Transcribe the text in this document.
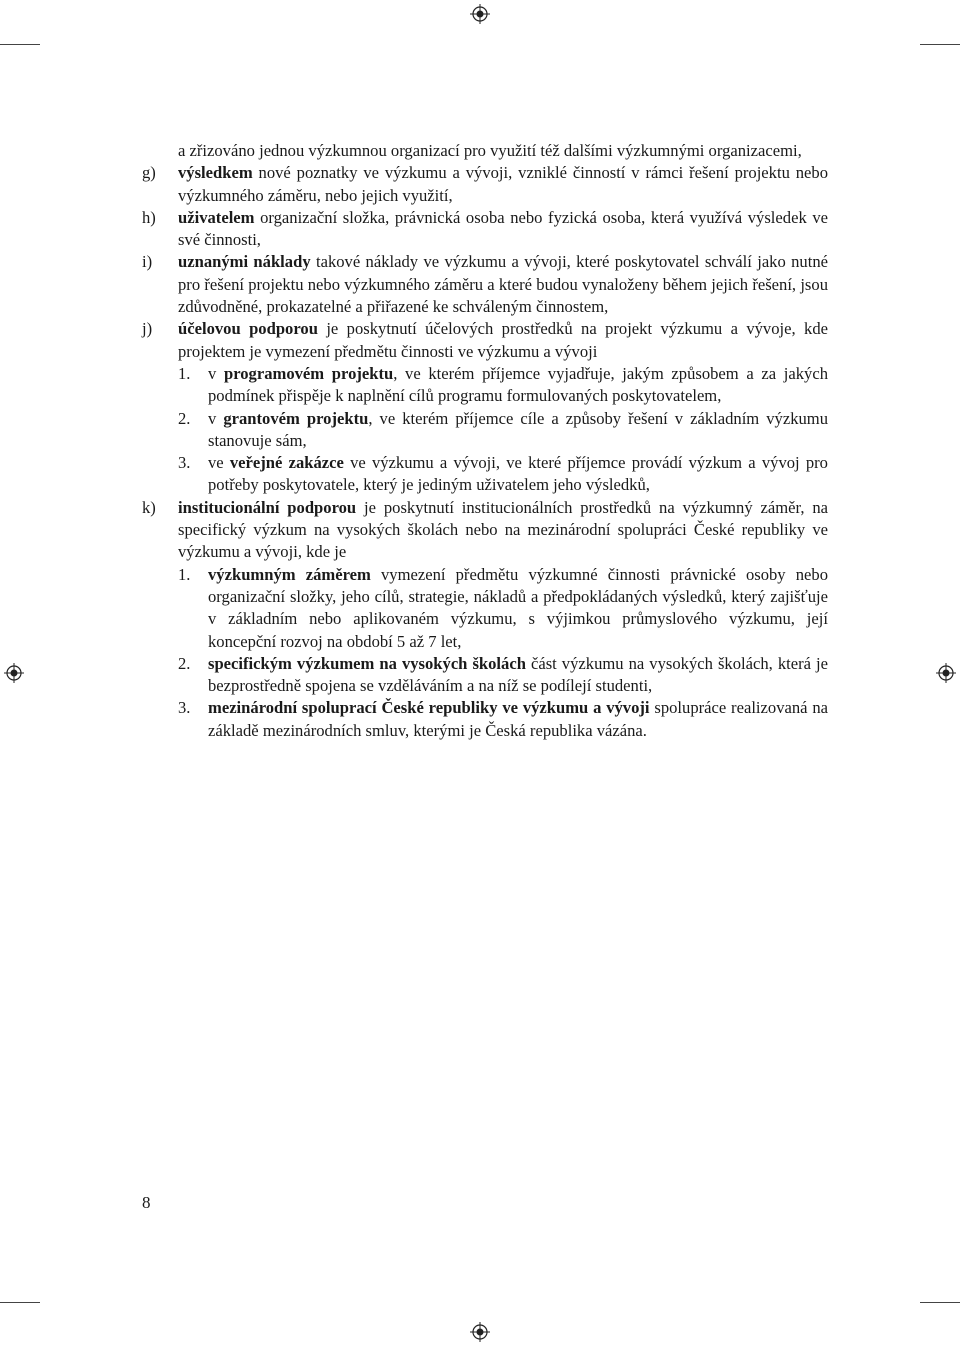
a zřizováno jednou výzkumnou organizací pro využití též dalšími výzkumnými organizacemi,

g) výsledkem nové poznatky ve výzkumu a vývoji, vzniklé činností v rámci řešení projektu nebo výzkumného záměru, nebo jejich využití,

h) uživatelem organizační složka, právnická osoba nebo fyzická osoba, která využívá výsledek ve své činnosti,

i) uznanými náklady takové náklady ve výzkumu a vývoji, které poskytovatel schválí jako nutné pro řešení projektu nebo výzkumného záměru a které budou vynaloženy během jejich řešení, jsou zdůvodněné, prokazatelné a přiřazené ke schváleným činnostem,

j) účelovou podporou je poskytnutí účelových prostředků na projekt výzkumu a vývoje, kde projektem je vymezení předmětu činnosti ve výzkumu a vývoji

1. v programovém projektu, ve kterém příjemce vyjadřuje, jakým způsobem a za jakých podmínek přispěje k naplnění cílů programu formulovaných poskytovatelem,

2. v grantovém projektu, ve kterém příjemce cíle a způsoby řešení v základním výzkumu stanovuje sám,

3. ve veřejné zakázce ve výzkumu a vývoji, ve které příjemce provádí výzkum a vývoj pro potřeby poskytovatele, který je jediným uživatelem jeho výsledků,

k) institucionální podporou je poskytnutí institucionálních prostředků na výzkumný záměr, na specifický výzkum na vysokých školách nebo na mezinárodní spolupráci České republiky ve výzkumu a vývoji, kde je

1. výzkumným záměrem vymezení předmětu výzkumné činnosti právnické osoby nebo organizační složky, jeho cílů, strategie, nákladů a předpokládaných výsledků, který zajišťuje v základním nebo aplikovaném výzkumu, s výjimkou průmyslového výzkumu, její koncepční rozvoj na období 5 až 7 let,

2. specifickým výzkumem na vysokých školách část výzkumu na vysokých školách, která je bezprostředně spojena se vzděláváním a na níž se podílejí studenti,

3. mezinárodní spoluprací České republiky ve výzkumu a vývoji spolupráce realizovaná na základě mezinárodních smluv, kterými je Česká republika vázána.

8
